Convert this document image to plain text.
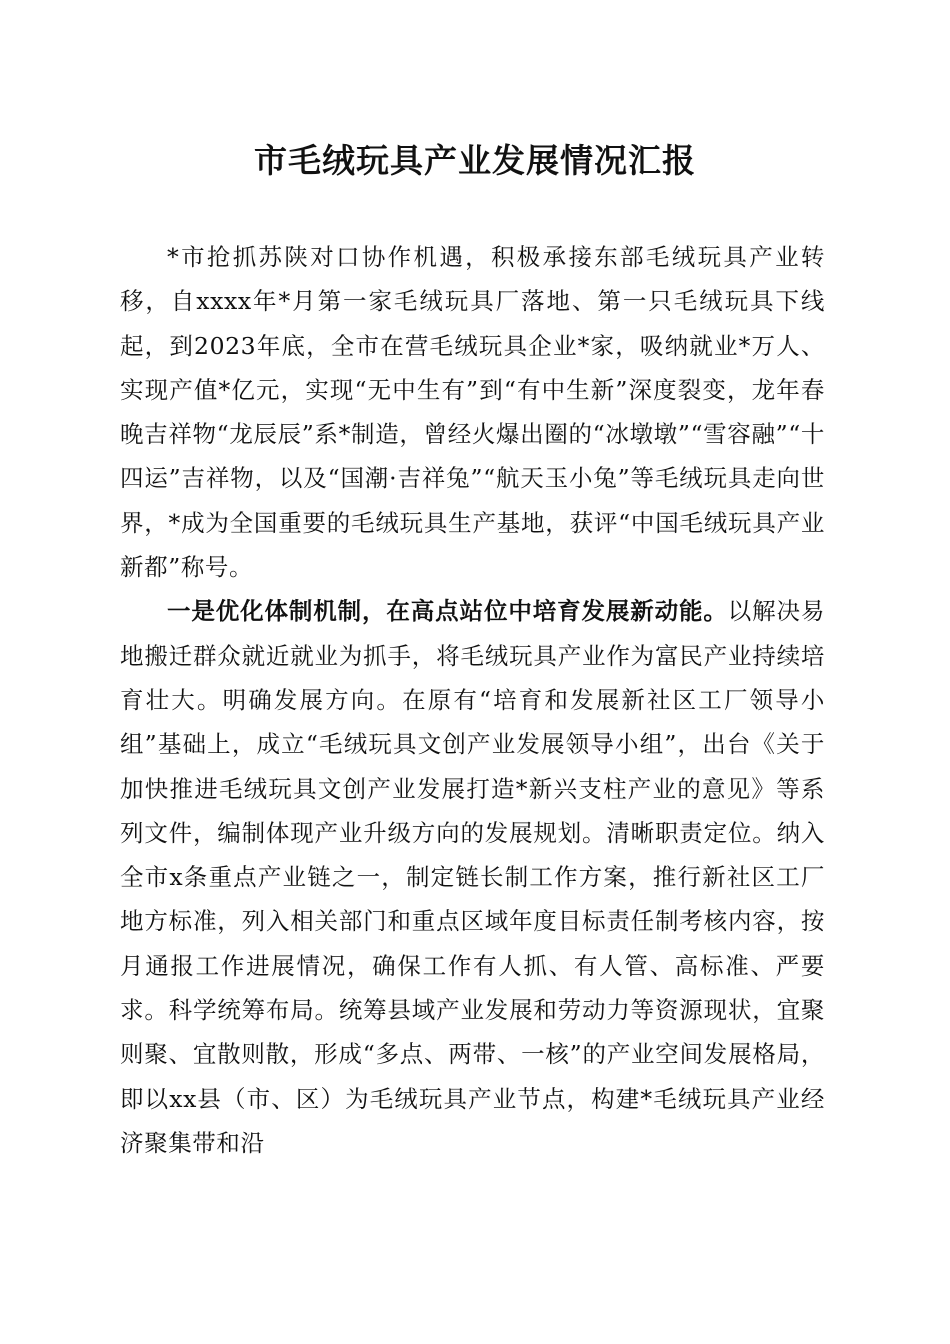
市毛绒玩具产业发展情况汇报

*市抢抓苏陕对口协作机遇，积极承接东部毛绒玩具产业转移，自xxxx年*月第一家毛绒玩具厂落地、第一只毛绒玩具下线起，到2023年底，全市在营毛绒玩具企业*家，吸纳就业*万人、实现产值*亿元，实现“无中生有”到“有中生新”深度裂变，龙年春晚吉祥物“龙辰辰”系*制造，曾经火爆出圈的“冰墩墩”“雪容融”“十四运”吉祥物，以及“国潮·吉祥兔”“航天玉小兔”等毛绒玩具走向世界，*成为全国重要的毛绒玩具生产基地，获评“中国毛绒玩具产业新都”称号。

一是优化体制机制，在高点站位中培育发展新动能。以解决易地搬迁群众就近就业为抓手，将毛绒玩具产业作为富民产业持续培育壮大。明确发展方向。在原有“培育和发展新社区工厂领导小组”基础上，成立“毛绒玩具文创产业发展领导小组”，出台《关于加快推进毛绒玩具文创产业发展打造*新兴支柱产业的意见》等系列文件，编制体现产业升级方向的发展规划。清晰职责定位。纳入全市x条重点产业链之一，制定链长制工作方案，推行新社区工厂地方标准，列入相关部门和重点区域年度目标责任制考核内容，按月通报工作进展情况，确保工作有人抓、有人管、高标准、严要求。科学统筹布局。统筹县域产业发展和劳动力等资源现状，宜聚则聚、宜散则散，形成“多点、两带、一核”的产业空间发展格局，即以xx县（市、区）为毛绒玩具产业节点，构建*毛绒玩具产业经济聚集带和沿
